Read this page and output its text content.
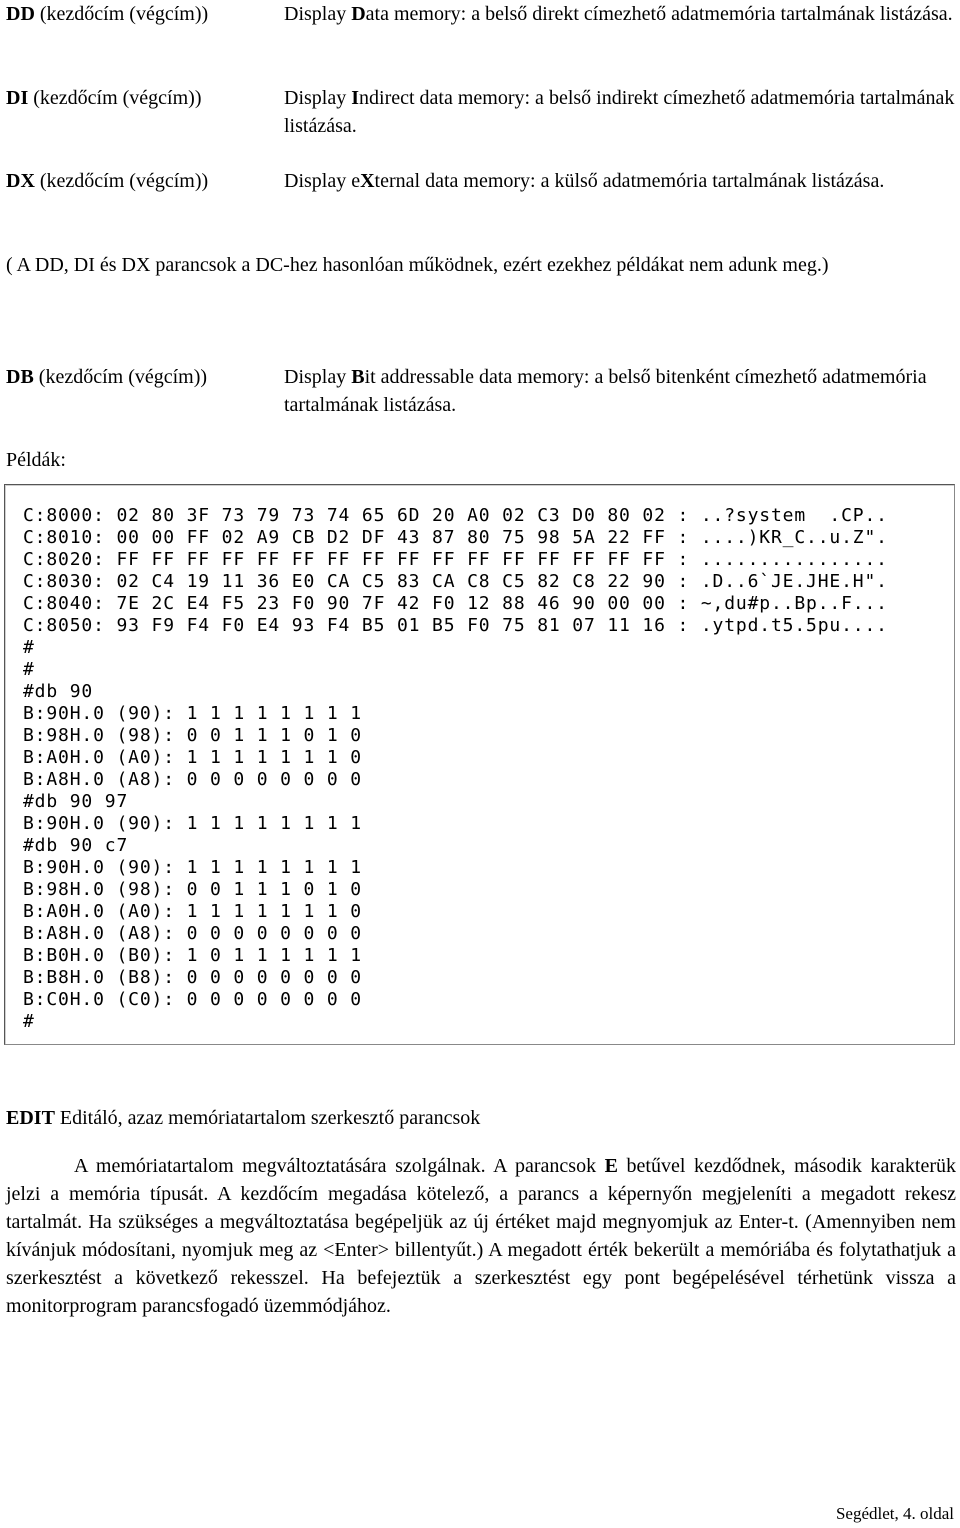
DD (kezdőcím (végcím))	Display Data memory: a belső direkt címezhető adatmemória tartalmának listázása.
DI (kezdőcím (végcím))	Display Indirect data memory: a belső indirekt címezhető adatmemória tartalmának listázása.
DX (kezdőcím (végcím))	Display eXternal data memory: a külső adatmemória tartalmának listázása.
( A DD, DI és DX parancsok a DC-hez hasonlóan működnek, ezért ezekhez példákat nem adunk meg.)
DB (kezdőcím (végcím))	Display Bit addressable data memory: a belső bitenként címezhető adatmemória tartalmának listázása.
Példák:
C:8000: 02 80 3F 73 79 73 74 65 6D 20 A0 02 C3 D0 80 02 : ..?system  .CP..
C:8010: 00 00 FF 02 A9 CB D2 DF 43 87 80 75 98 5A 22 FF : ....)KR_C..u.Z".
C:8020: FF FF FF FF FF FF FF FF FF FF FF FF FF FF FF FF : ................
C:8030: 02 C4 19 11 36 E0 CA C5 83 CA C8 C5 82 C8 22 90 : .D..6`JE.JHE.H".
C:8040: 7E 2C E4 F5 23 F0 90 7F 42 F0 12 88 46 90 00 00 : ~,du#p..Bp..F...
C:8050: 93 F9 F4 F0 E4 93 F4 B5 01 B5 F0 75 81 07 11 16 : .ytpd.t5.5pu....
#
#
#db 90
B:90H.0 (90): 1 1 1 1 1 1 1 1
B:98H.0 (98): 0 0 1 1 1 0 1 0
B:A0H.0 (A0): 1 1 1 1 1 1 1 0
B:A8H.0 (A8): 0 0 0 0 0 0 0 0
#db 90 97
B:90H.0 (90): 1 1 1 1 1 1 1 1
#db 90 c7
B:90H.0 (90): 1 1 1 1 1 1 1 1
B:98H.0 (98): 0 0 1 1 1 0 1 0
B:A0H.0 (A0): 1 1 1 1 1 1 1 0
B:A8H.0 (A8): 0 0 0 0 0 0 0 0
B:B0H.0 (B0): 1 0 1 1 1 1 1 1
B:B8H.0 (B8): 0 0 0 0 0 0 0 0
B:C0H.0 (C0): 0 0 0 0 0 0 0 0
#
EDIT Editáló, azaz memóriatartalom szerkesztő parancsok
A memóriatartalom megváltoztatására szolgálnak. A parancsok E betűvel kezdődnek, második karakterük jelzi a memória típusát. A kezdőcím megadása kötelező, a parancs a képernyőn megjeleníti a megadott rekesz tartalmát. Ha szükséges a megváltoztatása begépeljük az új értéket majd megnyomjuk az Enter-t. (Amennyiben nem kívánjuk módosítani, nyomjuk meg az <Enter> billentyűt.) A megadott érték bekerült a memóriába és folytathatjuk a szerkesztést a következő rekesszel. Ha befejeztük a szerkesztést egy pont begépelésével térhetünk vissza a monitorprogram parancsfogadó üzemmódjához.
Segédlet, 4. oldal
